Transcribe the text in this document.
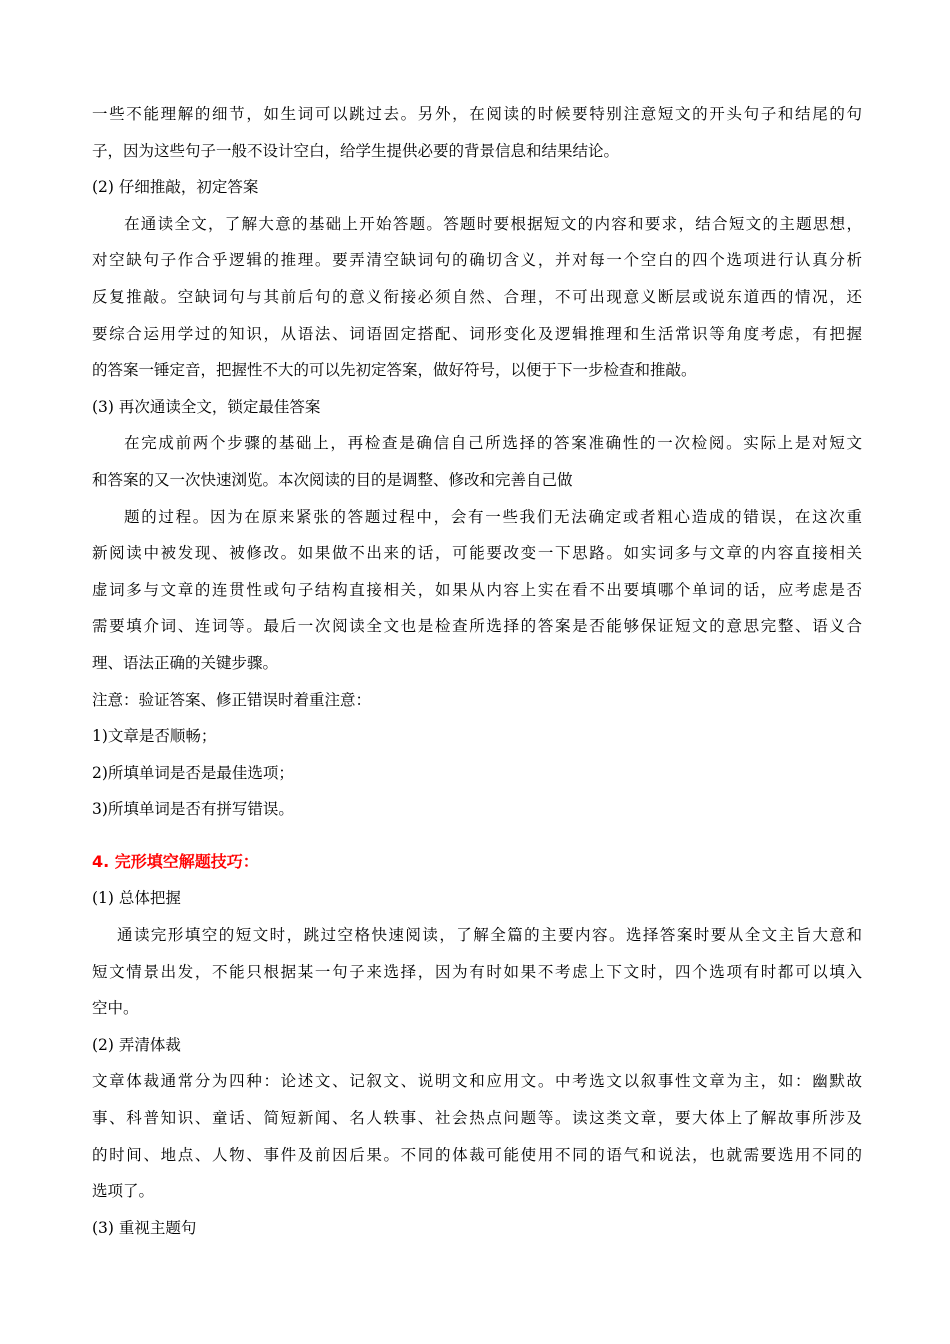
一些不能理解的细节，如生词可以跳过去。另外，在阅读的时候要特别注意短文的开头句子和结尾的句

子，因为这些句子一般不设计空白，给学生提供必要的背景信息和结果结论。

(2) 仔细推敲，初定答案

在通读全文，了解大意的基础上开始答题。答题时要根据短文的内容和要求，结合短文的主题思想，

对空缺句子作合乎逻辑的推理。要弄清空缺词句的确切含义，并对每一个空白的四个选项进行认真分析

反复推敲。空缺词句与其前后句的意义衔接必须自然、合理，不可出现意义断层或说东道西的情况，还

要综合运用学过的知识，从语法、词语固定搭配、词形变化及逻辑推理和生活常识等角度考虑，有把握

的答案一锤定音，把握性不大的可以先初定答案，做好符号，以便于下一步检查和推敲。

(3) 再次通读全文，锁定最佳答案

在完成前两个步骤的基础上，再检查是确信自己所选择的答案准确性的一次检阅。实际上是对短文

和答案的又一次快速浏览。本次阅读的目的是调整、修改和完善自己做

题的过程。因为在原来紧张的答题过程中，会有一些我们无法确定或者粗心造成的错误，在这次重

新阅读中被发现、被修改。如果做不出来的话，可能要改变一下思路。如实词多与文章的内容直接相关

虚词多与文章的连贯性或句子结构直接相关，如果从内容上实在看不出要填哪个单词的话，应考虑是否

需要填介词、连词等。最后一次阅读全文也是检查所选择的答案是否能够保证短文的意思完整、语义合

理、语法正确的关键步骤。

注意：验证答案、修正错误时着重注意：

1)文章是否顺畅；

2)所填单词是否是最佳选项；

3)所填单词是否有拼写错误。

4. 完形填空解题技巧：

(1) 总体把握

通读完形填空的短文时，跳过空格快速阅读，了解全篇的主要内容。选择答案时要从全文主旨大意和

短文情景出发，不能只根据某一句子来选择，因为有时如果不考虑上下文时，四个选项有时都可以填入

空中。

(2) 弄清体裁

文章体裁通常分为四种：论述文、记叙文、说明文和应用文。中考选文以叙事性文章为主，如：幽默故

事、科普知识、童话、简短新闻、名人轶事、社会热点问题等。读这类文章，要大体上了解故事所涉及

的时间、地点、人物、事件及前因后果。不同的体裁可能使用不同的语气和说法，也就需要选用不同的

选项了。

(3) 重视主题句
